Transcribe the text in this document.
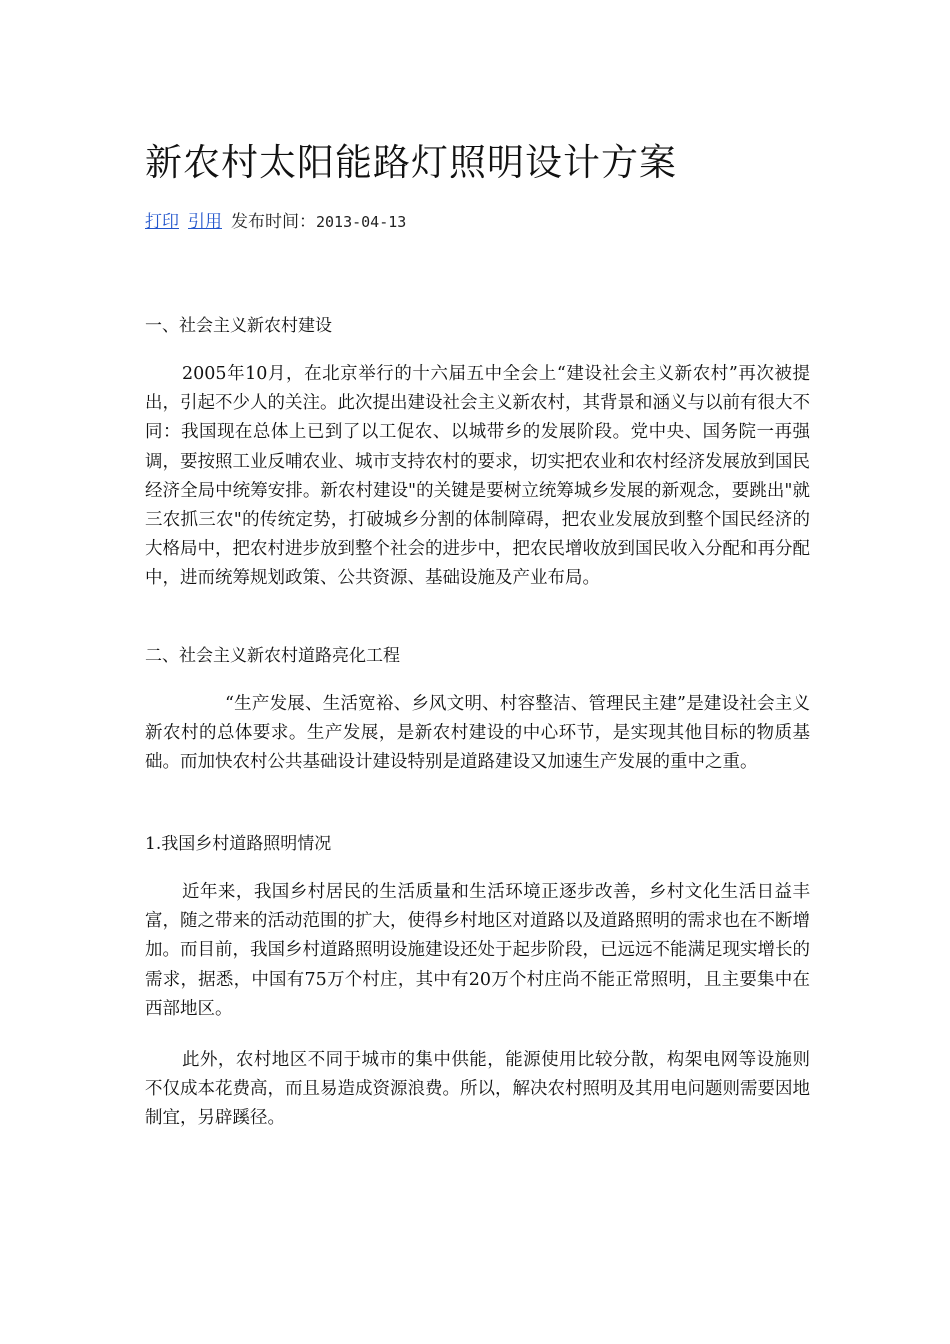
新农村太阳能路灯照明设计方案
打印 引用 发布时间：2013-04-13
一、社会主义新农村建设

2005年10月，在北京举行的十六届五中全会上“建设社会主义新农村”再次被提出，引起不少人的关注。此次提出建设社会主义新农村，其背景和涵义与以前有很大不同：我国现在总体上已到了以工促农、以城带乡的发展阶段。党中央、国务院一再强调，要按照工业反哺农业、城市支持农村的要求，切实把农业和农村经济发展放到国民经济全局中统筹安排。新农村建设"的关键是要树立统筹城乡发展的新观念，要跳出"就三农抓三农"的传统定势，打破城乡分割的体制障碍，把农业发展放到整个国民经济的大格局中，把农村进步放到整个社会的进步中，把农民增收放到国民收入分配和再分配中，进而统筹规划政策、公共资源、基础设施及产业布局。

二、社会主义新农村道路亮化工程

“生产发展、生活宽裕、乡风文明、村容整洁、管理民主建”是建设社会主义新农村的总体要求。生产发展，是新农村建设的中心环节，是实现其他目标的物质基础。而加快农村公共基础设计建设特别是道路建设又加速生产发展的重中之重。

1.我国乡村道路照明情况

近年来，我国乡村居民的生活质量和生活环境正逐步改善，乡村文化生活日益丰富，随之带来的活动范围的扩大，使得乡村地区对道路以及道路照明的需求也在不断增加。而目前，我国乡村道路照明设施建设还处于起步阶段，已远远不能满足现实增长的需求，据悉，中国有75万个村庄，其中有20万个村庄尚不能正常照明，且主要集中在西部地区。

此外，农村地区不同于城市的集中供能，能源使用比较分散，构架电网等设施则不仅成本花费高，而且易造成资源浪费。所以，解决农村照明及其用电问题则需要因地制宜，另辟蹊径。
